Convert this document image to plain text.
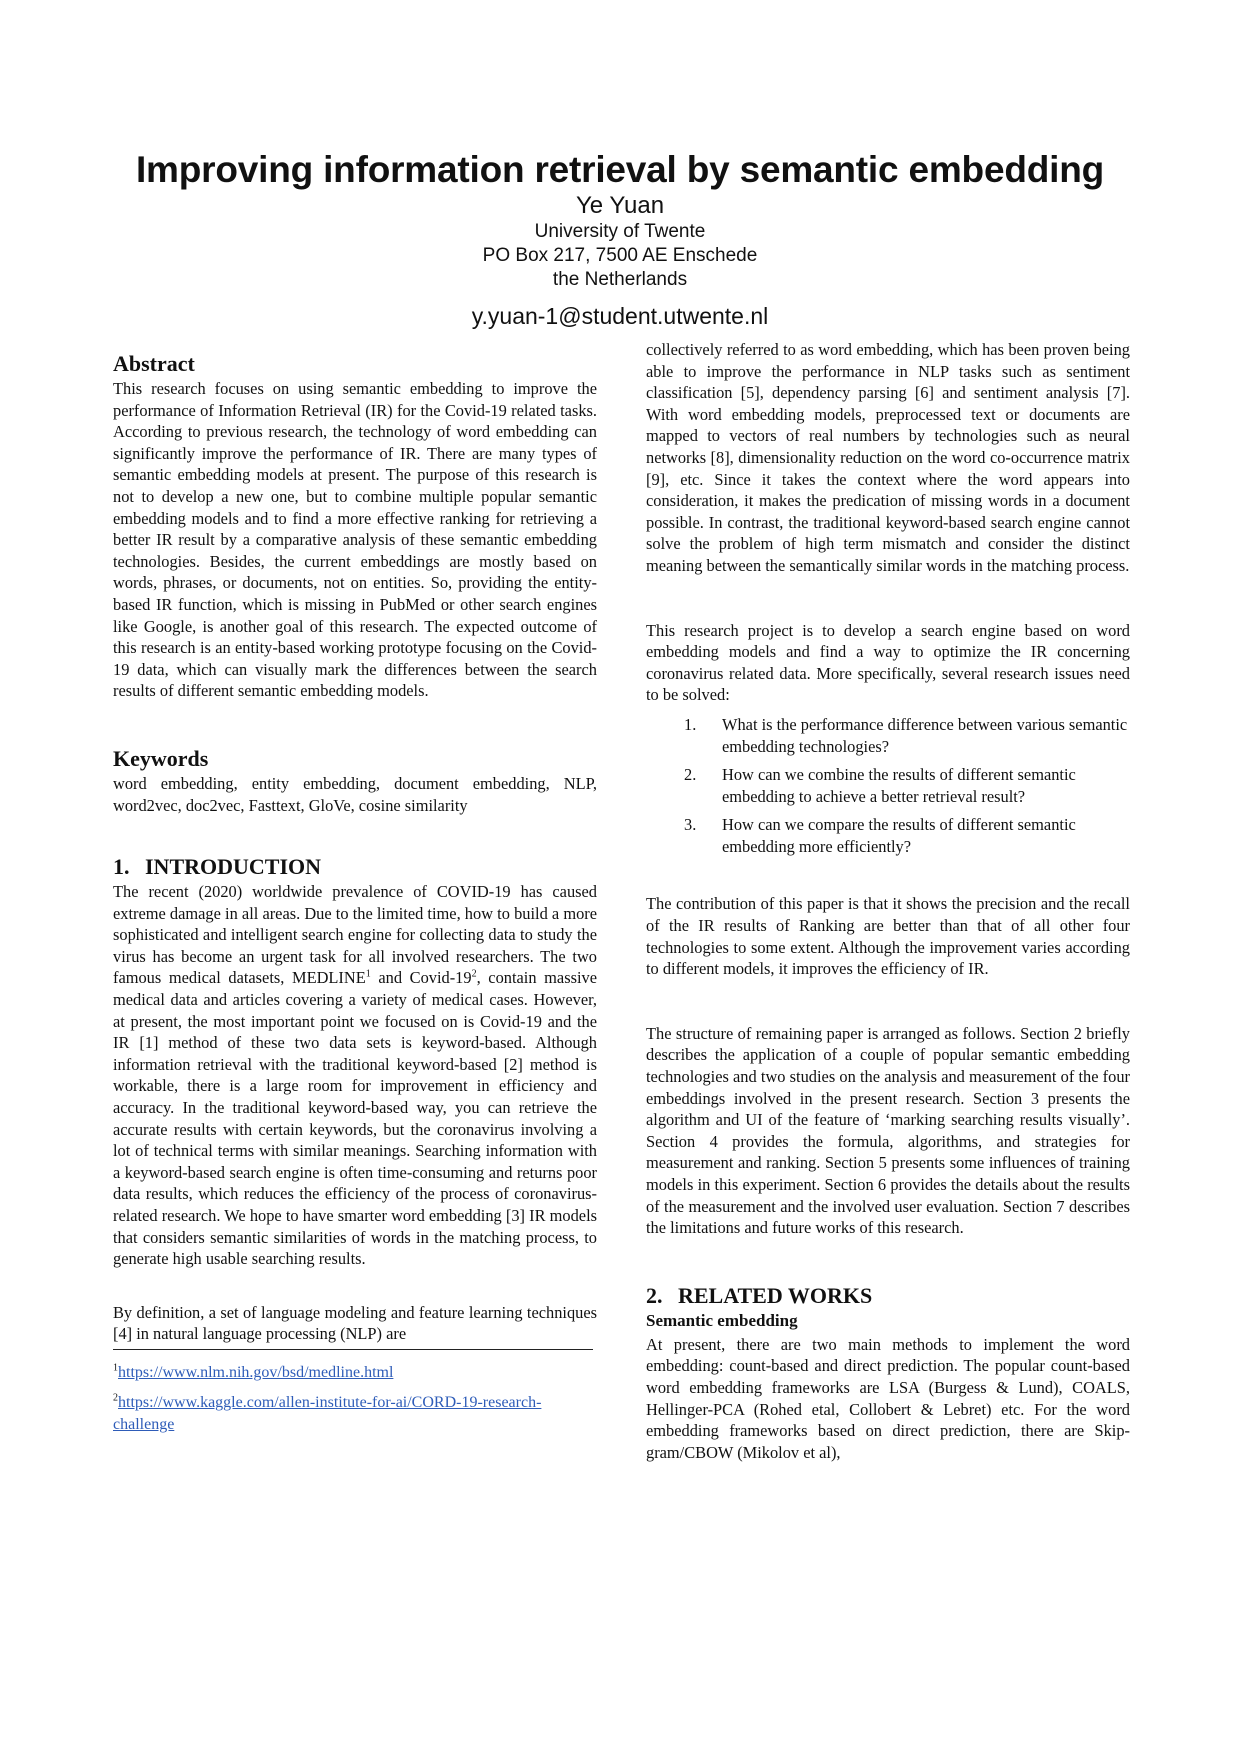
Improving information retrieval by semantic embedding
Ye Yuan
University of Twente
PO Box 217, 7500 AE Enschede
the Netherlands
y.yuan-1@student.utwente.nl
Abstract

This research focuses on using semantic embedding to improve the performance of Information Retrieval (IR) for the Covid-19 related tasks. According to previous research, the technology of word embedding can significantly improve the performance of IR. There are many types of semantic embedding models at present. The purpose of this research is not to develop a new one, but to combine multiple popular semantic embedding models and to find a more effective ranking for retrieving a better IR result by a comparative analysis of these semantic embedding technologies. Besides, the current embeddings are mostly based on words, phrases, or documents, not on entities. So, providing the entity-based IR function, which is missing in PubMed or other search engines like Google, is another goal of this research. The expected outcome of this research is an entity-based working prototype focusing on the Covid-19 data, which can visually mark the differences between the search results of different semantic embedding models.

Keywords

word embedding, entity embedding, document embedding, NLP, word2vec, doc2vec, Fasttext, GloVe, cosine similarity

1. INTRODUCTION

The recent (2020) worldwide prevalence of COVID-19 has caused extreme damage in all areas. Due to the limited time, how to build a more sophisticated and intelligent search engine for collecting data to study the virus has become an urgent task for all involved researchers. The two famous medical datasets, MEDLINE$^1$ and Covid-$19^2$, contain massive medical data and articles covering a variety of medical cases. However, at present, the most important point we focused on is Covid-19 and the IR [1] method of these two data sets is keyword-based. Although information retrieval with the traditional keyword-based [2] method is workable, there is a large room for improvement in efficiency and accuracy. In the traditional keyword-based way, you can retrieve the accurate results with certain keywords, but the coronavirus involving a lot of technical terms with similar meanings. Searching information with a keyword-based search engine is often time-consuming and returns poor data results, which reduces the efficiency of the process of coronavirus-related research. We hope to have smarter word embedding [3] IR models that considers semantic similarities of words in the matching process, to generate high usable searching results.

By definition, a set of language modeling and feature learning techniques [4] in natural language processing (NLP) are

$^1$https://www.nlm.nih.gov/bsd/medline.html
$^2$https://www.kaggle.com/allen-institute-for-ai/CORD-19-research-challenge

collectively referred to as word embedding, which has been proven being able to improve the performance in NLP tasks such as sentiment classification [5], dependency parsing [6] and sentiment analysis [7]. With word embedding models, preprocessed text or documents are mapped to vectors of real numbers by technologies such as neural networks [8], dimensionality reduction on the word co-occurrence matrix [9], etc. Since it takes the context where the word appears into consideration, it makes the predication of missing words in a document possible. In contrast, the traditional keyword-based search engine cannot solve the problem of high term mismatch and consider the distinct meaning between the semantically similar words in the matching process.

This research project is to develop a search engine based on word embedding models and find a way to optimize the IR concerning coronavirus related data. More specifically, several research issues need to be solved:

1. What is the performance difference between various semantic embedding technologies?
2. How can we combine the results of different semantic embedding to achieve a better retrieval result?
3. How can we compare the results of different semantic embedding more efficiently?

The contribution of this paper is that it shows the precision and the recall of the IR results of Ranking are better than that of all other four technologies to some extent. Although the improvement varies according to different models, it improves the efficiency of IR.

The structure of remaining paper is arranged as follows. Section 2 briefly describes the application of a couple of popular semantic embedding technologies and two studies on the analysis and measurement of the four embeddings involved in the present research. Section 3 presents the algorithm and UI of the feature of ‘marking searching results visually’. Section 4 provides the formula, algorithms, and strategies for measurement and ranking. Section 5 presents some influences of training models in this experiment. Section 6 provides the details about the results of the measurement and the involved user evaluation. Section 7 describes the limitations and future works of this research.

2. RELATED WORKS
Semantic embedding

At present, there are two main methods to implement the word embedding: count-based and direct prediction. The popular count-based word embedding frameworks are LSA (Burgess & Lund), COALS, Hellinger-PCA (Rohed etal, Collobert & Lebret) etc. For the word embedding frameworks based on direct prediction, there are Skip-gram/CBOW (Mikolov et al),
